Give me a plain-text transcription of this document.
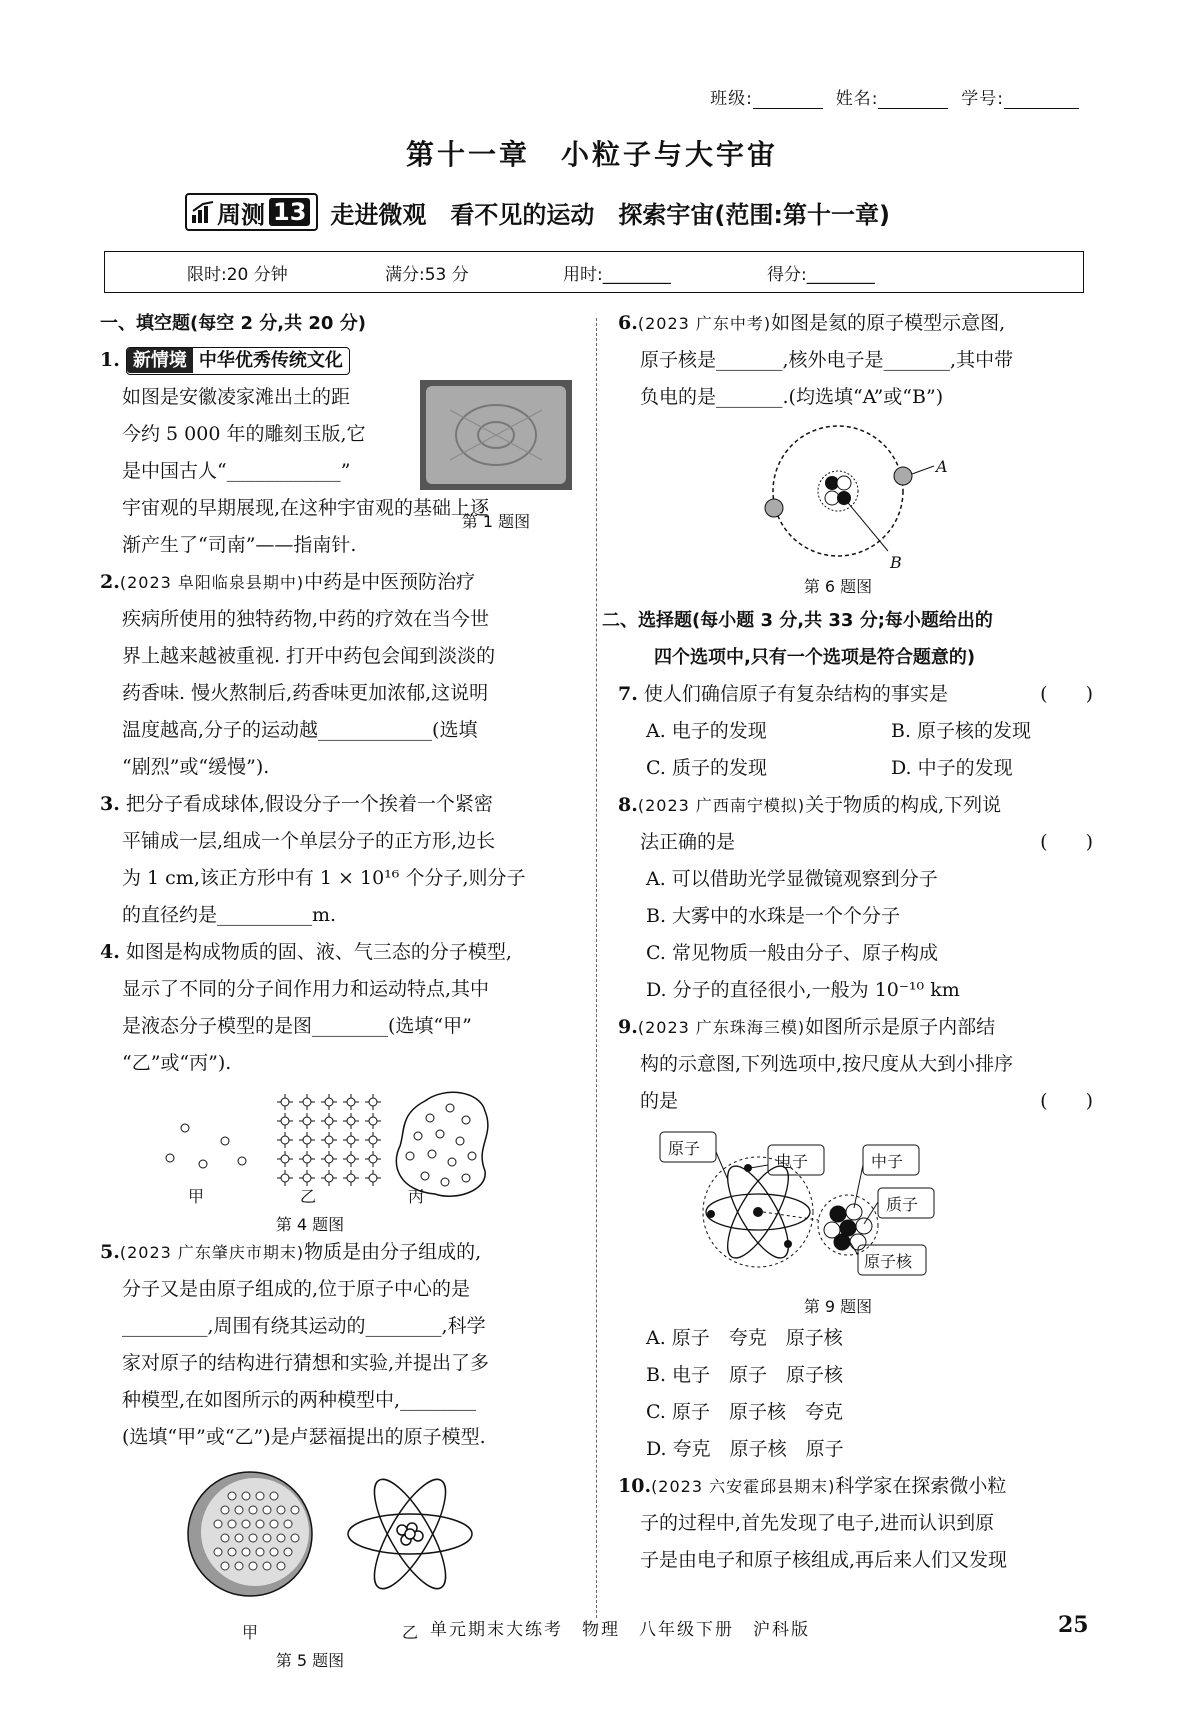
班级:	姓名:	学号:
第十一章　小粒子与大宇宙
周测 13 走进微观　看不见的运动　探索宇宙(范围:第十一章)
限时:20 分钟	满分:53 分	用时:________	得分:________

一、填空题(每空 2 分,共 20 分)

1. 新情境 中华优秀传统文化

如图是安徽凌家滩出土的距

今约 5 000 年的雕刻玉版,它

是中国古人“____________”

宇宙观的早期展现,在这种宇宙观的基础上逐

渐产生了“司南”——指南针.

第 1 题图

2.(2023 阜阳临泉县期中)中药是中医预防治疗

疾病所使用的独特药物,中药的疗效在当今世

界上越来越被重视. 打开中药包会闻到淡淡的

药香味. 慢火熬制后,药香味更加浓郁,这说明

温度越高,分子的运动越____________(选填

“剧烈”或“缓慢”).

3. 把分子看成球体,假设分子一个挨着一个紧密

平铺成一层,组成一个单层分子的正方形,边长

为 1 cm,该正方形中有 1 × 10¹⁶ 个分子,则分子

的直径约是__________m.

4. 如图是构成物质的固、液、气三态的分子模型,

显示了不同的分子间作用力和运动特点,其中

是液态分子模型的是图________(选填“甲”

“乙”或“丙”).

甲	乙	丙
第 4 题图

5.(2023 广东肇庆市期末)物质是由分子组成的,

分子又是由原子组成的,位于原子中心的是

_________,周围有绕其运动的________,科学

家对原子的结构进行猜想和实验,并提出了多

种模型,在如图所示的两种模型中,________

(选填“甲”或“乙”)是卢瑟福提出的原子模型.

甲	乙
第 5 题图

6.(2023 广东中考)如图是氦的原子模型示意图,

原子核是_______,核外电子是_______,其中带

负电的是_______.(均选填“A”或“B”)

A
B
第 6 题图

二、选择题(每小题 3 分,共 33 分;每小题给出的

四个选项中,只有一个选项是符合题意的)

7.
使人们确信原子有复杂结构的事实是	(　　)

A. 电子的发现	B. 原子核的发现

C. 质子的发现	D. 中子的发现

8.(2023 广西南宁模拟)关于物质的构成,下列说

法正确的是	(　　)

A. 可以借助光学显微镜观察到分子

B. 大雾中的水珠是一个个分子

C. 常见物质一般由分子、原子构成

D. 分子的直径很小,一般为 10⁻¹⁰ km

9.(2023 广东珠海三模)如图所示是原子内部结

构的示意图,下列选项中,按尺度从大到小排序

的是	(　　)

原子
电子	中子
质子
原子核
第 9 题图

A. 原子　夸克　原子核

B. 电子　原子　原子核

C. 原子　原子核　夸克

D. 夸克　原子核　原子

10.(2023 六安霍邱县期末)科学家在探索微小粒

子的过程中,首先发现了电子,进而认识到原

子是由电子和原子核组成,再后来人们又发现

单元期末大练考　物理　八年级下册　沪科版	25
